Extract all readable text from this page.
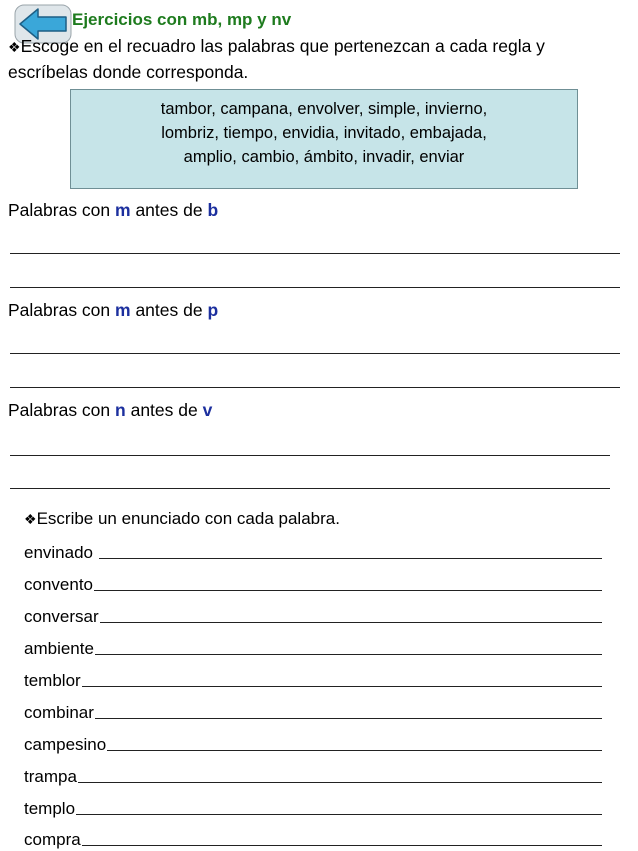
Ejercicios con mb, mp y nv
❖Escoge en el recuadro las palabras que pertenezcan a cada regla y escríbelas donde corresponda.
tambor, campana, envolver, simple, invierno,
lombriz, tiempo, envidia, invitado, embajada,
amplio, cambio, ámbito, invadir, enviar
Palabras con m antes de b
Palabras con m antes de p
Palabras con n antes de v
❖Escribe un enunciado con cada palabra.
envinado
convento
conversar
ambiente
temblor
combinar
campesino
trampa
templo
compra
